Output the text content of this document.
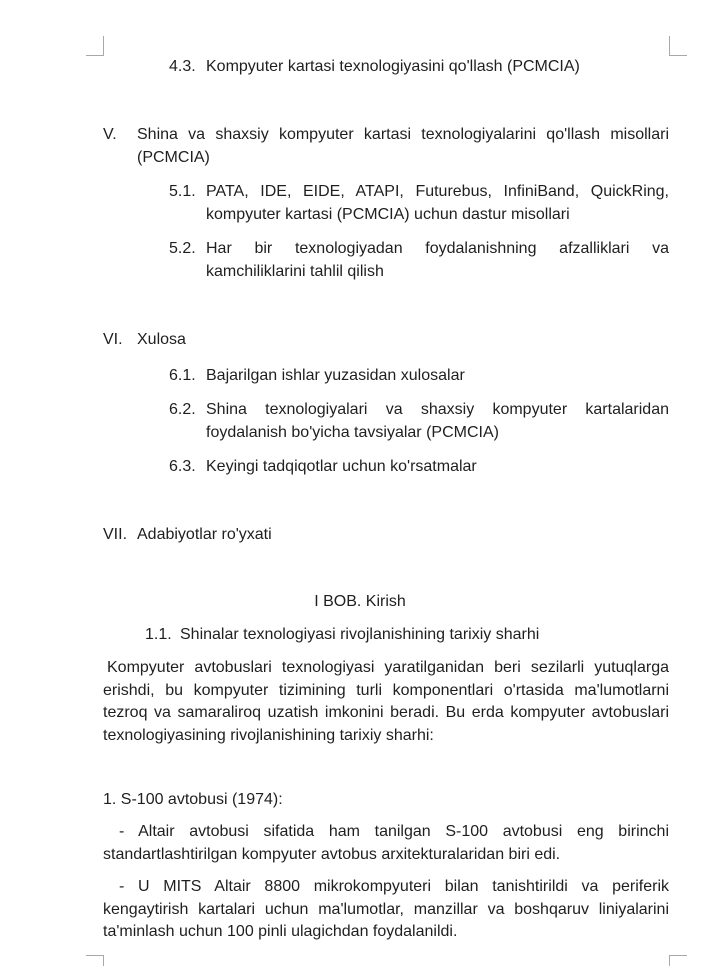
4.3. Kompyuter kartasi texnologiyasini qo'llash (PCMCIA)
V. Shina va shaxsiy kompyuter kartasi texnologiyalarini qo'llash misollari (PCMCIA)
5.1. PATA, IDE, EIDE, ATAPI, Futurebus, InfiniBand, QuickRing, kompyuter kartasi (PCMCIA) uchun dastur misollari
5.2. Har bir texnologiyadan foydalanishning afzalliklari va kamchiliklarini tahlil qilish
VI. Xulosa
6.1. Bajarilgan ishlar yuzasidan xulosalar
6.2. Shina texnologiyalari va shaxsiy kompyuter kartalaridan foydalanish bo'yicha tavsiyalar (PCMCIA)
6.3. Keyingi tadqiqotlar uchun ko'rsatmalar
VII. Adabiyotlar ro'yxati
I BOB. Kirish
1.1. Shinalar texnologiyasi rivojlanishining tarixiy sharhi
Kompyuter avtobuslari texnologiyasi yaratilganidan beri sezilarli yutuqlarga erishdi, bu kompyuter tizimining turli komponentlari o'rtasida ma'lumotlarni tezroq va samaraliroq uzatish imkonini beradi. Bu erda kompyuter avtobuslari texnologiyasining rivojlanishining tarixiy sharhi:
1. S-100 avtobusi (1974):
- Altair avtobusi sifatida ham tanilgan S-100 avtobusi eng birinchi standartlashtirilgan kompyuter avtobus arxitekturalaridan biri edi.
- U MITS Altair 8800 mikrokompyuteri bilan tanishtirildi va periferik kengaytirish kartalari uchun ma'lumotlar, manzillar va boshqaruv liniyalarini ta'minlash uchun 100 pinli ulagichdan foydalanildi.
